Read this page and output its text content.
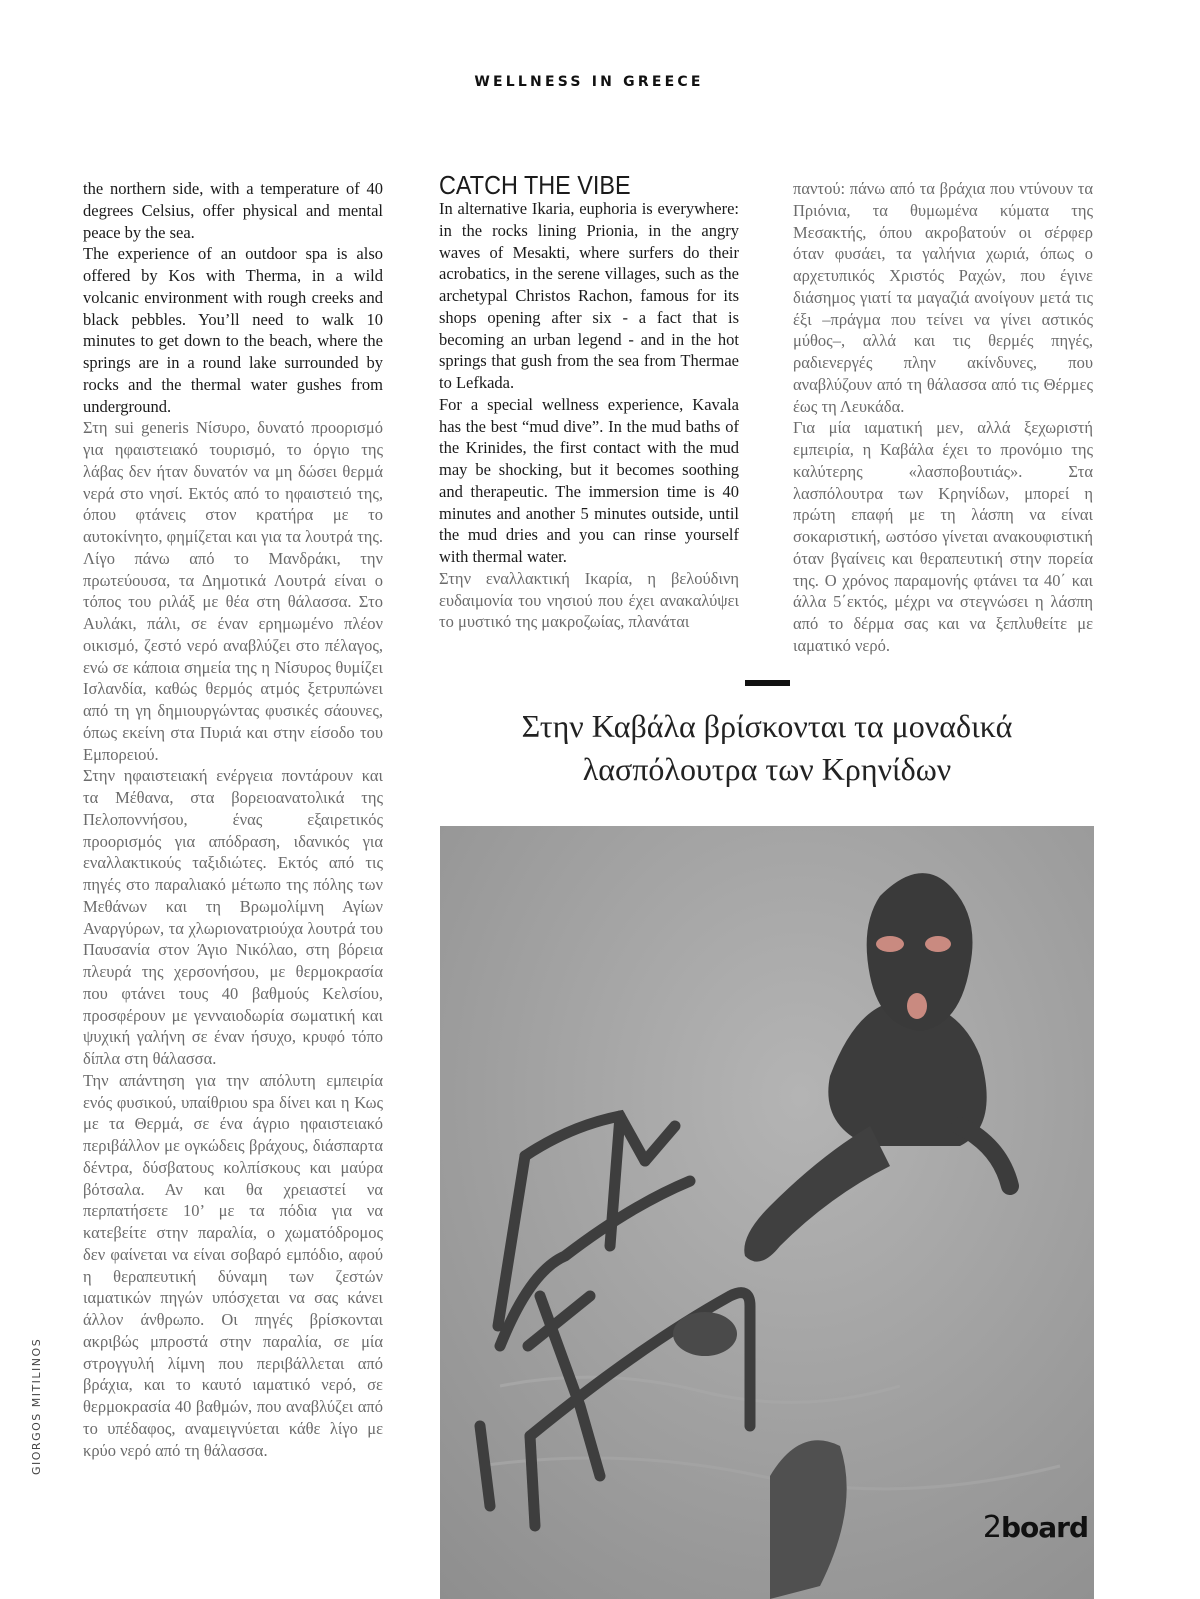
WELLNESS IN GREECE

the northern side, with a temperature of 40 degrees Celsius, offer physical and mental peace by the sea.

The experience of an outdoor spa is also offered by Kos with Therma, in a wild volcanic environment with rough creeks and black pebbles. You’ll need to walk 10 minutes to get down to the beach, where the springs are in a round lake surrounded by rocks and the thermal water gushes from underground.

Στη sui generis Νίσυρο, δυνατό προορισμό για ηφαιστειακό τουρισμό, το όργιο της λάβας δεν ήταν δυνατόν να μη δώσει θερμά νερά στο νησί. Εκτός από το ηφαιστειό της, όπου φτάνεις στον κρατήρα με το αυτοκίνητο, φημίζεται και για τα λουτρά της. Λίγο πάνω από το Μανδράκι, την πρωτεύουσα, τα Δημοτικά Λουτρά είναι ο τόπος του ριλάξ με θέα στη θάλασσα. Στο Αυλάκι, πάλι, σε έναν ερημωμένο πλέον οικισμό, ζεστό νερό αναβλύζει στο πέλαγος, ενώ σε κάποια σημεία της η Νίσυρος θυμίζει Ισλανδία, καθώς θερμός ατμός ξετρυπώνει από τη γη δημιουργώντας φυσικές σάουνες, όπως εκείνη στα Πυριά και στην είσοδο του Εμπορειού.

Στην ηφαιστειακή ενέργεια ποντάρουν και τα Μέθανα, στα βορειοανατολικά της Πελοποννήσου, ένας εξαιρετικός προορισμός για απόδραση, ιδανικός για εναλλακτικούς ταξιδιώτες. Εκτός από τις πηγές στο παραλιακό μέτωπο της πόλης των Μεθάνων και τη Βρωμολίμνη Αγίων Αναργύρων, τα χλωριονατριούχα λουτρά του Παυσανία στον Άγιο Νικόλαο, στη βόρεια πλευρά της χερσονήσου, με θερμοκρασία που φτάνει τους 40 βαθμούς Κελσίου, προσφέρουν με γενναιοδωρία σωματική και ψυχική γαλήνη σε έναν ήσυχο, κρυφό τόπο δίπλα στη θάλασσα.

Την απάντηση για την απόλυτη εμπειρία ενός φυσικού, υπαίθριου spa δίνει και η Κως με τα Θερμά, σε ένα άγριο ηφαιστειακό περιβάλλον με ογκώδεις βράχους, διάσπαρτα δέντρα, δύσβατους κολπίσκους και μαύρα βότσαλα. Αν και θα χρειαστεί να περπατήσετε 10’ με τα πόδια για να κατεβείτε στην παραλία, ο χωματόδρομος δεν φαίνεται να είναι σοβαρό εμπόδιο, αφού η θεραπευτική δύναμη των ζεστών ιαματικών πηγών υπόσχεται να σας κάνει άλλον άνθρωπο. Οι πηγές βρίσκονται ακριβώς μπροστά στην παραλία, σε μία στρογγυλή λίμνη που περιβάλλεται από βράχια, και το καυτό ιαματικό νερό, σε θερμοκρασία 40 βαθμών, που αναβλύζει από το υπέδαφος, αναμειγνύεται κάθε λίγο με κρύο νερό από τη θάλασσα.

CATCH THE VIBE

In alternative Ikaria, euphoria is everywhere: in the rocks lining Prionia, in the angry waves of Mesakti, where surfers do their acrobatics, in the serene villages, such as the archetypal Christos Rachon, famous for its shops opening after six - a fact that is becoming an urban legend - and in the hot springs that gush from the sea from Thermae to Lefkada.

For a special wellness experience, Kavala has the best “mud dive”. In the mud baths of the Krinides, the first contact with the mud may be shocking, but it becomes soothing and therapeutic. The immersion time is 40 minutes and another 5 minutes outside, until the mud dries and you can rinse yourself with thermal water.

Στην εναλλακτική Ικαρία, η βελούδινη ευδαιμονία του νησιού που έχει ανακαλύψει το μυστικό της μακροζωίας, πλανάται

παντού: πάνω από τα βράχια που ντύνουν τα Πριόνια, τα θυμωμένα κύματα της Μεσακτής, όπου ακροβατούν οι σέρφερ όταν φυσάει, τα γαλήνια χωριά, όπως ο αρχετυπικός Χριστός Ραχών, που έγινε διάσημος γιατί τα μαγαζιά ανοίγουν μετά τις έξι –πράγμα που τείνει να γίνει αστικός μύθος–, αλλά και τις θερμές πηγές, ραδιενεργές πλην ακίνδυνες, που αναβλύζουν από τη θάλασσα από τις Θέρμες έως τη Λευκάδα.

Για μία ιαματική μεν, αλλά ξεχωριστή εμπειρία, η Καβάλα έχει το προνόμιο της καλύτερης «λασποβουτιάς». Στα λασπόλουτρα των Κρηνίδων, μπορεί η πρώτη επαφή με τη λάσπη να είναι σοκαριστική, ωστόσο γίνεται ανακουφιστική όταν βγαίνεις και θεραπευτική στην πορεία της. Ο χρόνος παραμονής φτάνει τα 40΄ και άλλα 5΄εκτός, μέχρι να στεγνώσει η λάσπη από το δέρμα σας και να ξεπλυθείτε με ιαματικό νερό.

Στην Καβάλα βρίσκονται τα μοναδικά
λασπόλουτρα των Κρηνίδων
GIORGOS MITILINOS
2board
